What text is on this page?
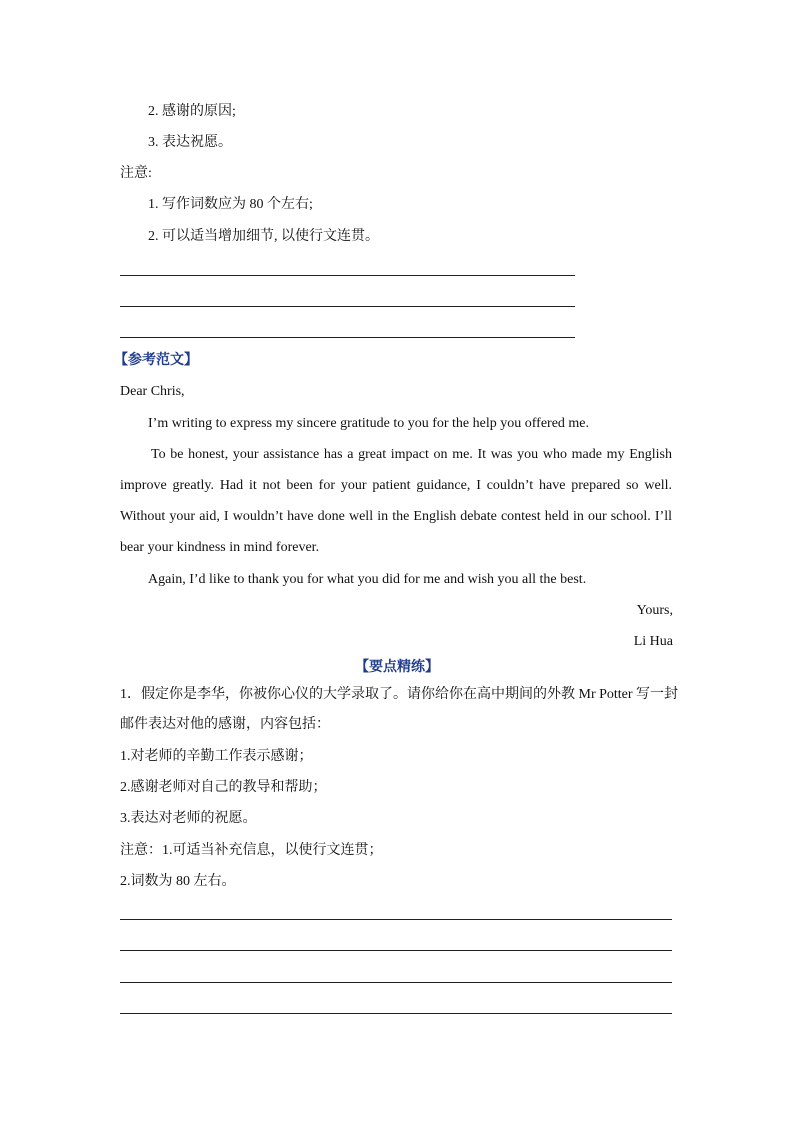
2. 感谢的原因;
3. 表达祝愿。
注意:
1. 写作词数应为 80 个左右;
2. 可以适当增加细节, 以使行文连贯。
【参考范文】
Dear Chris,
I’m writing to express my sincere gratitude to you for the help you offered me.
To be honest, your assistance has a great impact on me. It was you who made my English
improve greatly. Had it not been for your patient guidance, I couldn’t have prepared so well.
Without your aid, I wouldn’t have done well in the English debate contest held in our school. I’ll
bear your kindness in mind forever.
Again, I’d like to thank you for what you did for me and wish you all the best.
Yours,
Li Hua
【要点精练】
1．假定你是李华，你被你心仪的大学录取了。请你给你在高中期间的外教 Mr Potter 写一封
邮件表达对他的感谢，内容包括：
1.对老师的辛勤工作表示感谢；
2.感谢老师对自己的教导和帮助；
3.表达对老师的祝愿。
注意：1.可适当补充信息，以使行文连贯；
2.词数为 80 左右。
